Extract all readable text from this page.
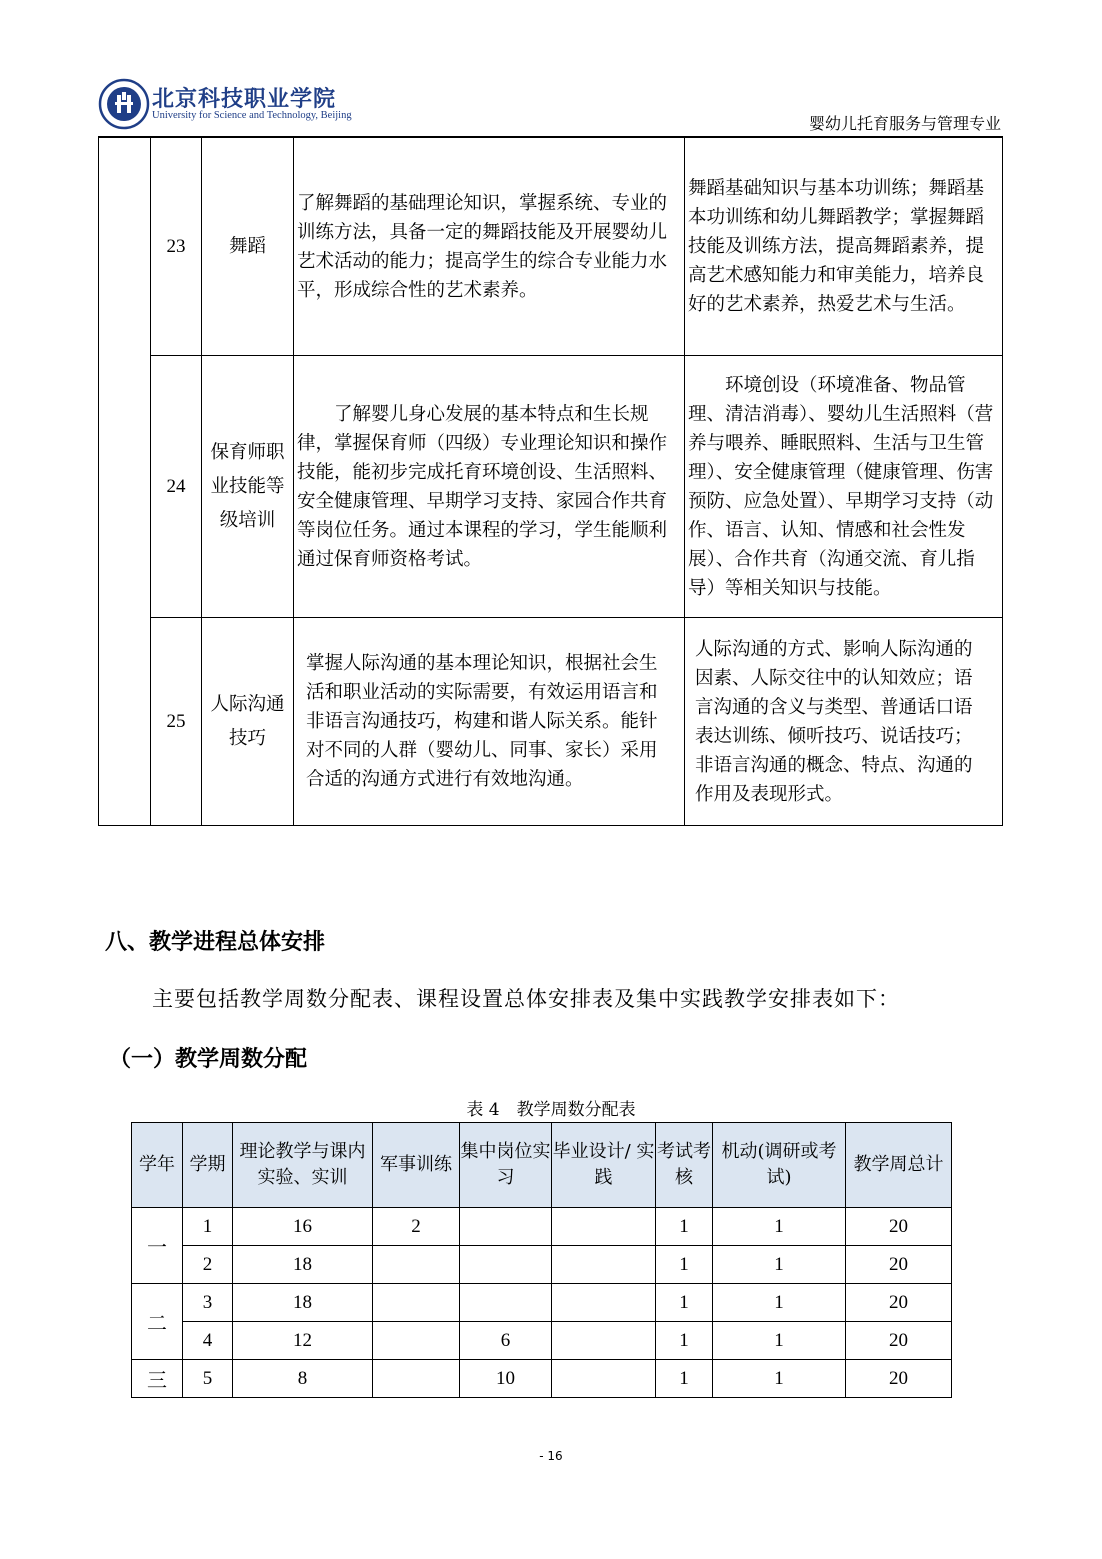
北京科技职业学院
University for Science and Technology, Beijing	婴幼儿托育服务与管理专业
	23	舞蹈	了解舞蹈的基础理论知识，掌握系统、专业的训练方法，具备一定的舞蹈技能及开展婴幼儿艺术活动的能力；提高学生的综合专业能力水平，形成综合性的艺术素养。	舞蹈基础知识与基本功训练；舞蹈基本功训练和幼儿舞蹈教学；掌握舞蹈技能及训练方法，提高舞蹈素养，提高艺术感知能力和审美能力，培养良好的艺术素养，热爱艺术与生活。
	24	保育师职业技能等级培训	了解婴儿身心发展的基本特点和生长规律，掌握保育师（四级）专业理论知识和操作技能，能初步完成托育环境创设、生活照料、安全健康管理、早期学习支持、家园合作共育等岗位任务。通过本课程的学习，学生能顺利通过保育师资格考试。	环境创设（环境准备、物品管理、清洁消毒）、婴幼儿生活照料（营养与喂养、睡眠照料、生活与卫生管理）、安全健康管理（健康管理、伤害预防、应急处置）、早期学习支持（动作、语言、认知、情感和社会性发展）、合作共育（沟通交流、育儿指导）等相关知识与技能。
	25	人际沟通技巧	掌握人际沟通的基本理论知识，根据社会生活和职业活动的实际需要，有效运用语言和非语言沟通技巧，构建和谐人际关系。能针对不同的人群（婴幼儿、同事、家长）采用合适的沟通方式进行有效地沟通。	人际沟通的方式、影响人际沟通的因素、人际交往中的认知效应；语言沟通的含义与类型、普通话口语表达训练、倾听技巧、说话技巧；非语言沟通的概念、特点、沟通的作用及表现形式。
八、教学进程总体安排
主要包括教学周数分配表、课程设置总体安排表及集中实践教学安排表如下：
（一）教学周数分配
表 4　教学周数分配表
学年	学期	理论教学与课内实验、实训	军事训练	集中岗位实习	毕业设计/ 实践	考试考核	机动(调研或考试)	教学周总计
一	1	16	2			1	1	20
	2	18				1	1	20
二	3	18				1	1	20
	4	12		6		1	1	20
三	5	8		10		1	1	20
- 16
